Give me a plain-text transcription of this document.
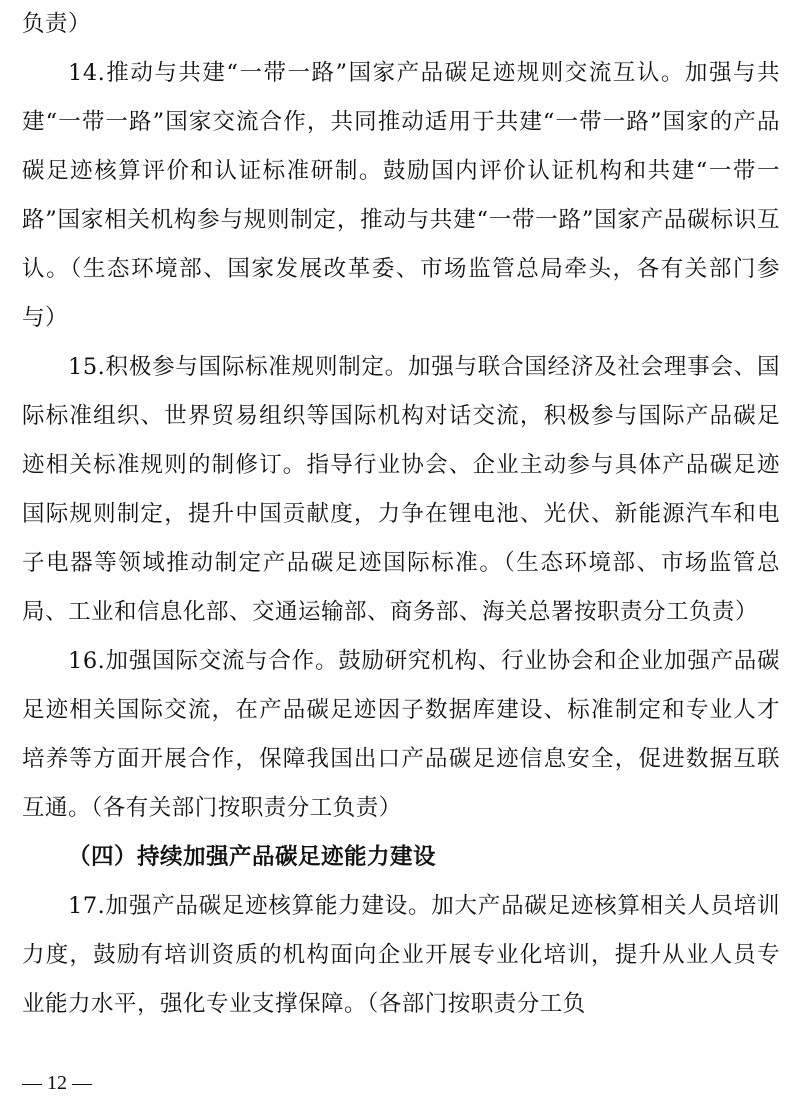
负责）

14.推动与共建“一带一路”国家产品碳足迹规则交流互认。加强与共建“一带一路”国家交流合作，共同推动适用于共建“一带一路”国家的产品碳足迹核算评价和认证标准研制。鼓励国内评价认证机构和共建“一带一路”国家相关机构参与规则制定，推动与共建“一带一路”国家产品碳标识互认。（生态环境部、国家发展改革委、市场监管总局牵头，各有关部门参与）

15.积极参与国际标准规则制定。加强与联合国经济及社会理事会、国际标准组织、世界贸易组织等国际机构对话交流，积极参与国际产品碳足迹相关标准规则的制修订。指导行业协会、企业主动参与具体产品碳足迹国际规则制定，提升中国贡献度，力争在锂电池、光伏、新能源汽车和电子电器等领域推动制定产品碳足迹国际标准。（生态环境部、市场监管总局、工业和信息化部、交通运输部、商务部、海关总署按职责分工负责）

16.加强国际交流与合作。鼓励研究机构、行业协会和企业加强产品碳足迹相关国际交流，在产品碳足迹因子数据库建设、标准制定和专业人才培养等方面开展合作，保障我国出口产品碳足迹信息安全，促进数据互联互通。（各有关部门按职责分工负责）

（四）持续加强产品碳足迹能力建设

17.加强产品碳足迹核算能力建设。加大产品碳足迹核算相关人员培训力度，鼓励有培训资质的机构面向企业开展专业化培训，提升从业人员专业能力水平，强化专业支撑保障。（各部门按职责分工负

— 12 —
